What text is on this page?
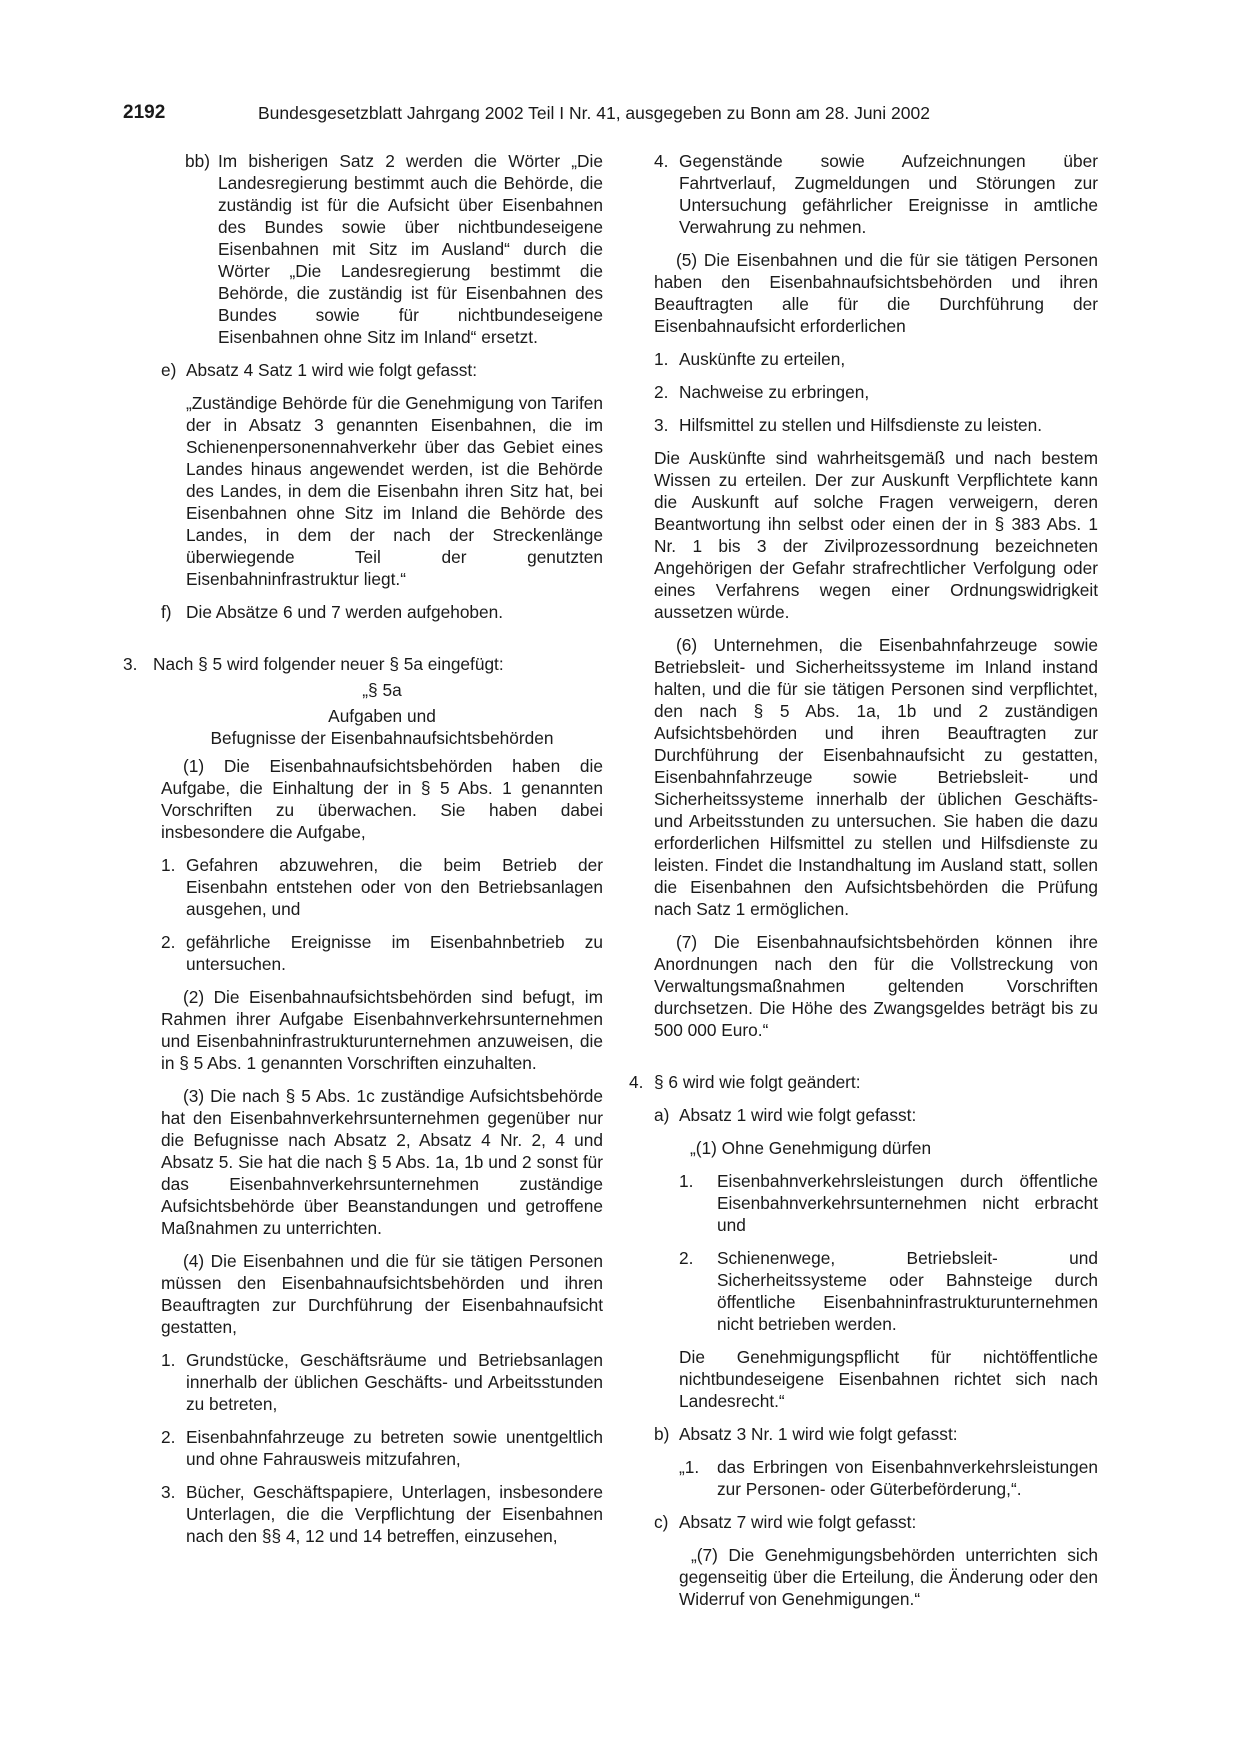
2192	Bundesgesetzblatt Jahrgang 2002 Teil I Nr. 41, ausgegeben zu Bonn am 28. Juni 2002
bb) Im bisherigen Satz 2 werden die Wörter „Die Landesregierung bestimmt auch die Behörde, die zuständig ist für die Aufsicht über Eisenbahnen des Bundes sowie über nichtbundeseigene Eisenbahnen mit Sitz im Ausland“ durch die Wörter „Die Landesregierung bestimmt die Behörde, die zuständig ist für Eisenbahnen des Bundes sowie für nichtbundeseigene Eisenbahnen ohne Sitz im Inland“ ersetzt.

e) Absatz 4 Satz 1 wird wie folgt gefasst:

„Zuständige Behörde für die Genehmigung von Tarifen der in Absatz 3 genannten Eisenbahnen, die im Schienenpersonennahverkehr über das Gebiet eines Landes hinaus angewendet werden, ist die Behörde des Landes, in dem die Eisenbahn ihren Sitz hat, bei Eisenbahnen ohne Sitz im Inland die Behörde des Landes, in dem der nach der Streckenlänge überwiegende Teil der genutzten Eisenbahninfrastruktur liegt.“

f) Die Absätze 6 und 7 werden aufgehoben.

3. Nach § 5 wird folgender neuer § 5a eingefügt:

„§ 5a

Aufgaben und

Befugnisse der Eisenbahnaufsichtsbehörden

(1) Die Eisenbahnaufsichtsbehörden haben die Aufgabe, die Einhaltung der in § 5 Abs. 1 genannten Vorschriften zu überwachen. Sie haben dabei insbesondere die Aufgabe,

1. Gefahren abzuwehren, die beim Betrieb der Eisenbahn entstehen oder von den Betriebsanlagen ausgehen, und

2. gefährliche Ereignisse im Eisenbahnbetrieb zu untersuchen.

(2) Die Eisenbahnaufsichtsbehörden sind befugt, im Rahmen ihrer Aufgabe Eisenbahnverkehrsunternehmen und Eisenbahninfrastrukturunternehmen anzuweisen, die in § 5 Abs. 1 genannten Vorschriften einzuhalten.

(3) Die nach § 5 Abs. 1c zuständige Aufsichtsbehörde hat den Eisenbahnverkehrsunternehmen gegenüber nur die Befugnisse nach Absatz 2, Absatz 4 Nr. 2, 4 und Absatz 5. Sie hat die nach § 5 Abs. 1a, 1b und 2 sonst für das Eisenbahnverkehrsunternehmen zuständige Aufsichtsbehörde über Beanstandungen und getroffene Maßnahmen zu unterrichten.

(4) Die Eisenbahnen und die für sie tätigen Personen müssen den Eisenbahnaufsichtsbehörden und ihren Beauftragten zur Durchführung der Eisenbahnaufsicht gestatten,

1. Grundstücke, Geschäftsräume und Betriebsanlagen innerhalb der üblichen Geschäfts- und Arbeitsstunden zu betreten,

2. Eisenbahnfahrzeuge zu betreten sowie unentgeltlich und ohne Fahrausweis mitzufahren,

3. Bücher, Geschäftspapiere, Unterlagen, insbesondere Unterlagen, die die Verpflichtung der Eisenbahnen nach den §§ 4, 12 und 14 betreffen, einzusehen,

4. Gegenstände sowie Aufzeichnungen über Fahrtverlauf, Zugmeldungen und Störungen zur Untersuchung gefährlicher Ereignisse in amtliche Verwahrung zu nehmen.

(5) Die Eisenbahnen und die für sie tätigen Personen haben den Eisenbahnaufsichtsbehörden und ihren Beauftragten alle für die Durchführung der Eisenbahnaufsicht erforderlichen

1. Auskünfte zu erteilen,

2. Nachweise zu erbringen,

3. Hilfsmittel zu stellen und Hilfsdienste zu leisten.

Die Auskünfte sind wahrheitsgemäß und nach bestem Wissen zu erteilen. Der zur Auskunft Verpflichtete kann die Auskunft auf solche Fragen verweigern, deren Beantwortung ihn selbst oder einen der in § 383 Abs. 1 Nr. 1 bis 3 der Zivilprozessordnung bezeichneten Angehörigen der Gefahr strafrechtlicher Verfolgung oder eines Verfahrens wegen einer Ordnungswidrigkeit aussetzen würde.

(6) Unternehmen, die Eisenbahnfahrzeuge sowie Betriebsleit- und Sicherheitssysteme im Inland instand halten, und die für sie tätigen Personen sind verpflichtet, den nach § 5 Abs. 1a, 1b und 2 zuständigen Aufsichtsbehörden und ihren Beauftragten zur Durchführung der Eisenbahnaufsicht zu gestatten, Eisenbahnfahrzeuge sowie Betriebsleit- und Sicherheitssysteme innerhalb der üblichen Geschäfts- und Arbeitsstunden zu untersuchen. Sie haben die dazu erforderlichen Hilfsmittel zu stellen und Hilfsdienste zu leisten. Findet die Instandhaltung im Ausland statt, sollen die Eisenbahnen den Aufsichtsbehörden die Prüfung nach Satz 1 ermöglichen.

(7) Die Eisenbahnaufsichtsbehörden können ihre Anordnungen nach den für die Vollstreckung von Verwaltungsmaßnahmen geltenden Vorschriften durchsetzen. Die Höhe des Zwangsgeldes beträgt bis zu 500 000 Euro.“

4. § 6 wird wie folgt geändert:

a) Absatz 1 wird wie folgt gefasst:

„(1) Ohne Genehmigung dürfen

1. Eisenbahnverkehrsleistungen durch öffentliche Eisenbahnverkehrsunternehmen nicht erbracht und

2. Schienenwege, Betriebsleit- und Sicherheitssysteme oder Bahnsteige durch öffentliche Eisenbahninfrastrukturunternehmen nicht betrieben werden.

Die Genehmigungspflicht für nichtöffentliche nichtbundeseigene Eisenbahnen richtet sich nach Landesrecht.“

b) Absatz 3 Nr. 1 wird wie folgt gefasst:

„1. das Erbringen von Eisenbahnverkehrsleistungen zur Personen- oder Güterbeförderung,“.

c) Absatz 7 wird wie folgt gefasst:

„(7) Die Genehmigungsbehörden unterrichten sich gegenseitig über die Erteilung, die Änderung oder den Widerruf von Genehmigungen.“
